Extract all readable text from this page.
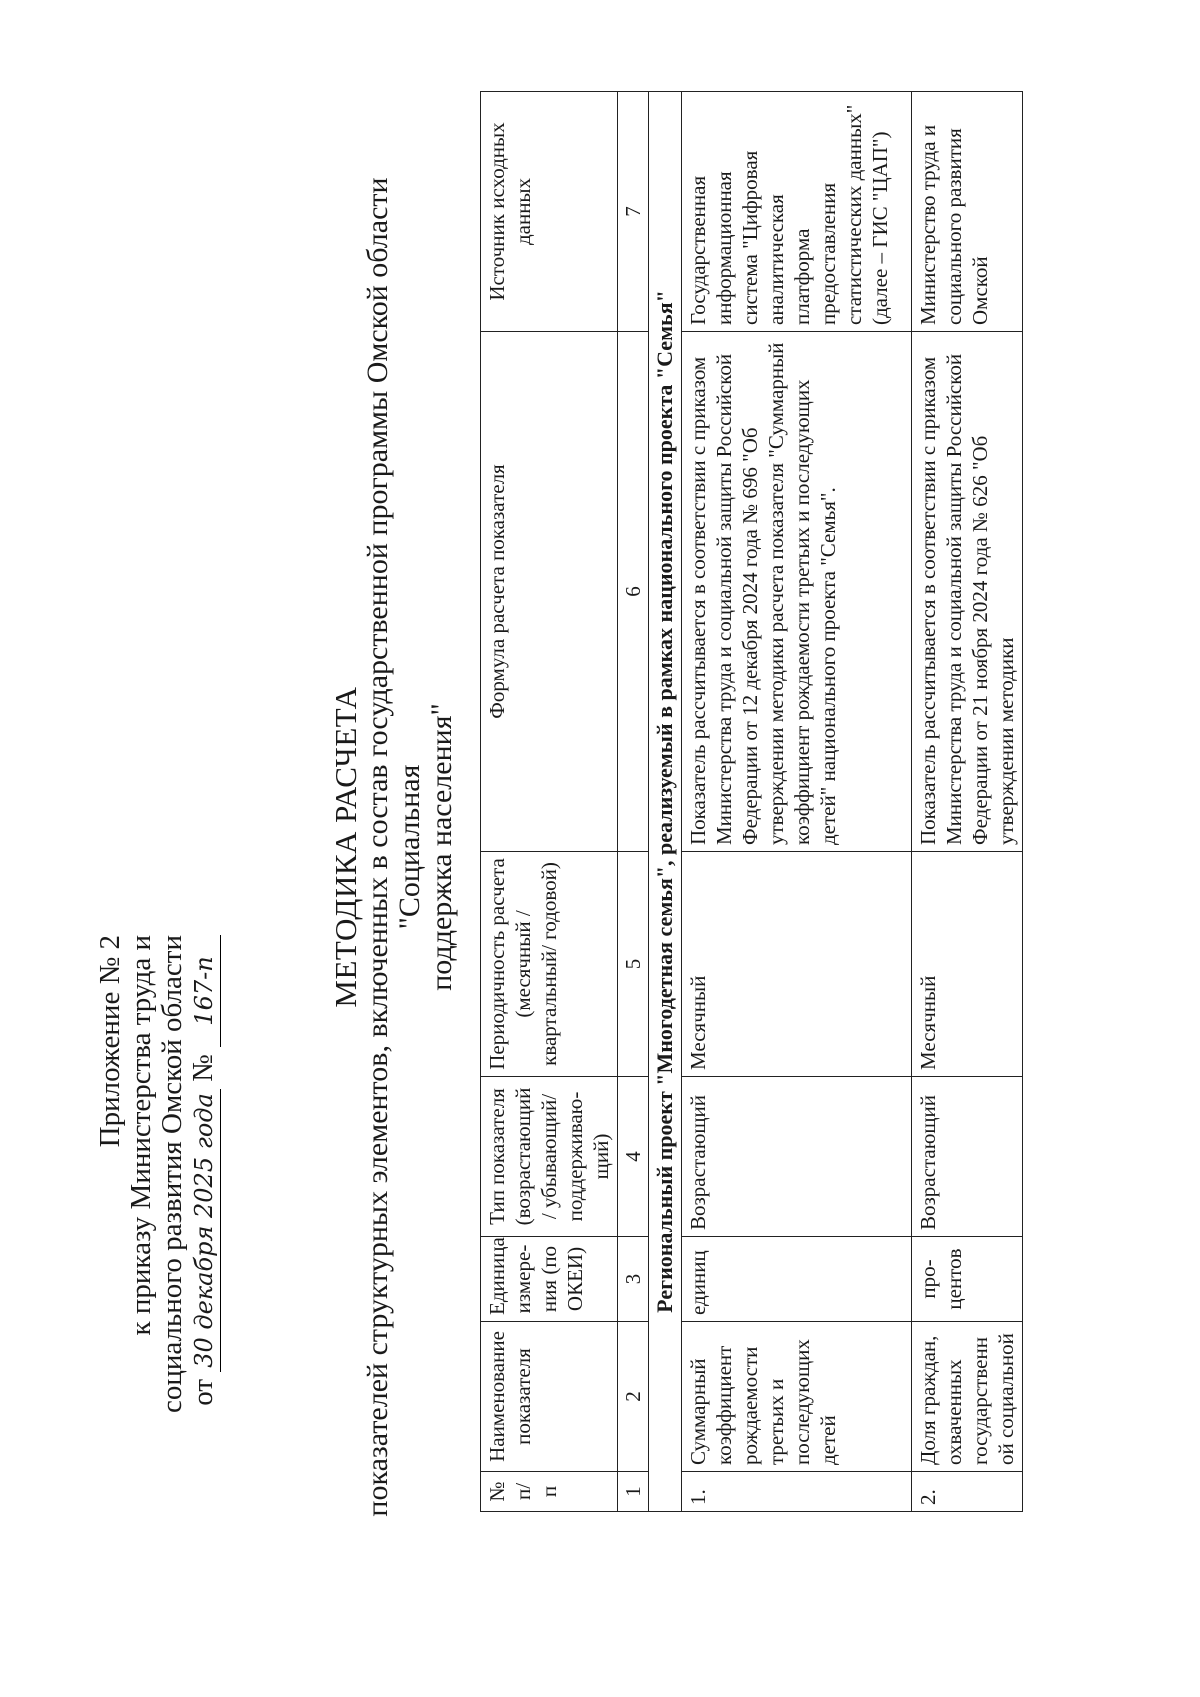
Приложение № 2 к приказу Министерства труда и социального развития Омской области от 30 декабря 2025 года № 167-п	МЕТОДИКА РАСЧЕТА
показателей структурных элементов, включенных в состав государственной программы Омской области "Социальная поддержка населения"
№ п/п	Наименование показателя	Единица измере-ния (по ОКЕИ)	Тип показателя (возрастающий / убывающий/ поддерживаю-щий)	Периодичность расчета (месячный /квартальный/ годовой)	Формула расчета показателя	Источник исходных данных
1	2	3	4	5	6	7
Региональный проект "Многодетная семья", реализуемый в рамках национального проекта "Семья"						
1.	Суммарный коэффициент рождаемости третьих и последующих детей	единиц	Возрастающий	Месячный	Показатель рассчитывается в соответствии с приказом Министерства труда и социальной защиты Российской Федерации от 12 декабря 2024 года № 696 "Об утверждении методики расчета показателя "Суммарный коэффициент рождаемости третьих и последующих детей" национального проекта "Семья".	Государственная информационная система "Цифровая аналитическая платформа предоставления статистических данных" (далее – ГИС "ЦАП")
2.	Доля граждан, охваченных государственн ой социальной	про-центов	Возрастающий	Месячный	Показатель рассчитывается в соответствии с приказом Министерства труда и социальной защиты Российской Федерации от 21 ноября 2024 года № 626 "Об утверждении методики	Министерство труда и социального развития Омской
